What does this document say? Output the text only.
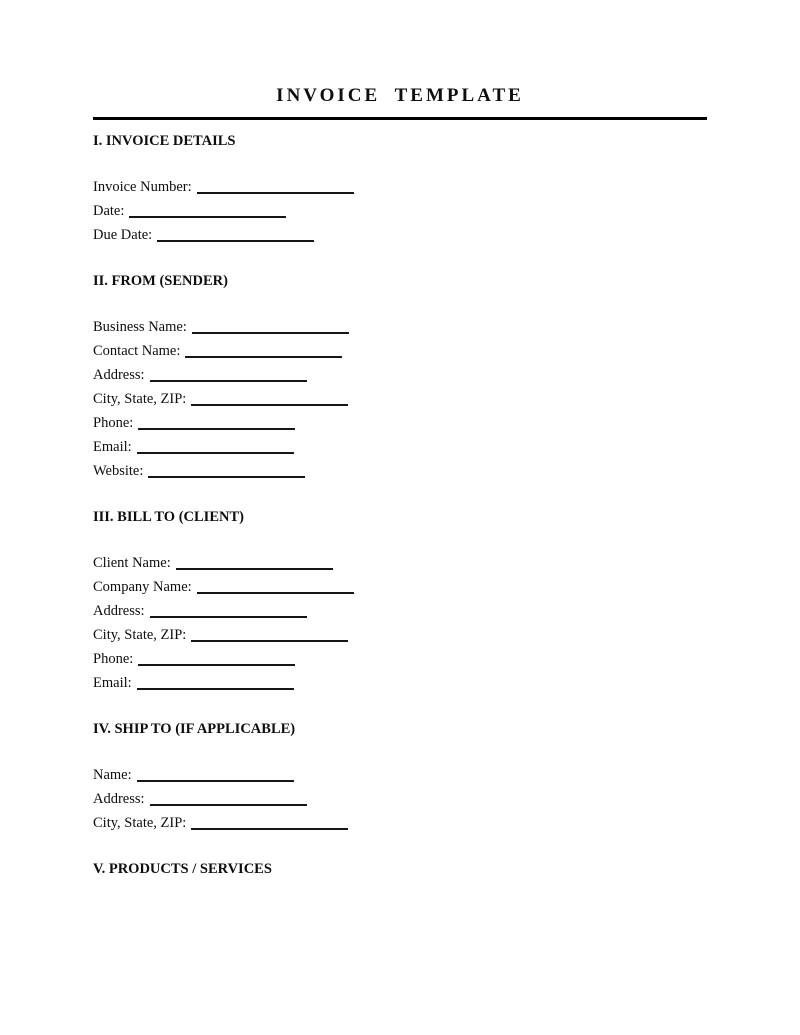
INVOICE TEMPLATE
I. INVOICE DETAILS
Invoice Number:
Date:
Due Date:
II. FROM (SENDER)
Business Name:
Contact Name:
Address:
City, State, ZIP:
Phone:
Email:
Website:
III. BILL TO (CLIENT)
Client Name:
Company Name:
Address:
City, State, ZIP:
Phone:
Email:
IV. SHIP TO (IF APPLICABLE)
Name:
Address:
City, State, ZIP:
V. PRODUCTS / SERVICES
